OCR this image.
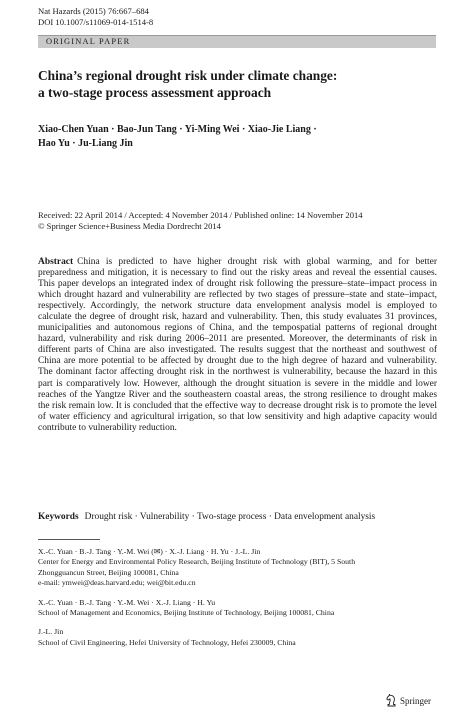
Nat Hazards (2015) 76:667–684
DOI 10.1007/s11069-014-1514-8
ORIGINAL PAPER
China’s regional drought risk under climate change:
a two-stage process assessment approach
Xiao-Chen Yuan · Bao-Jun Tang · Yi-Ming Wei · Xiao-Jie Liang ·
Hao Yu · Ju-Liang Jin
Received: 22 April 2014 / Accepted: 4 November 2014 / Published online: 14 November 2014
© Springer Science+Business Media Dordrecht 2014
Abstract China is predicted to have higher drought risk with global warming, and for better preparedness and mitigation, it is necessary to find out the risky areas and reveal the essential causes. This paper develops an integrated index of drought risk following the pressure–state–impact process in which drought hazard and vulnerability are reflected by two stages of pressure–state and state–impact, respectively. Accordingly, the network structure data envelopment analysis model is employed to calculate the degree of drought risk, hazard and vulnerability. Then, this study evaluates 31 provinces, municipalities and autonomous regions of China, and the tempospatial patterns of regional drought hazard, vulnerability and risk during 2006–2011 are presented. Moreover, the determinants of risk in different parts of China are also investigated. The results suggest that the northeast and southwest of China are more potential to be affected by drought due to the high degree of hazard and vulnerability. The dominant factor affecting drought risk in the northwest is vulnerability, because the hazard in this part is comparatively low. However, although the drought situation is severe in the middle and lower reaches of the Yangtze River and the southeastern coastal areas, the strong resilience to drought makes the risk remain low. It is concluded that the effective way to decrease drought risk is to promote the level of water efficiency and agricultural irrigation, so that low sensitivity and high adaptive capacity would contribute to vulnerability reduction.
Keywords Drought risk · Vulnerability · Two-stage process · Data envelopment analysis
X.-C. Yuan · B.-J. Tang · Y.-M. Wei (✉) · X.-J. Liang · H. Yu · J.-L. Jin
Center for Energy and Environmental Policy Research, Beijing Institute of Technology (BIT), 5 South
Zhongguancun Street, Beijing 100081, China
e-mail: ymwei@deas.harvard.edu; wei@bit.edu.cn
X.-C. Yuan · B.-J. Tang · Y.-M. Wei · X.-J. Liang · H. Yu
School of Management and Economics, Beijing Institute of Technology, Beijing 100081, China
J.-L. Jin
School of Civil Engineering, Hefei University of Technology, Hefei 230009, China
Springer
